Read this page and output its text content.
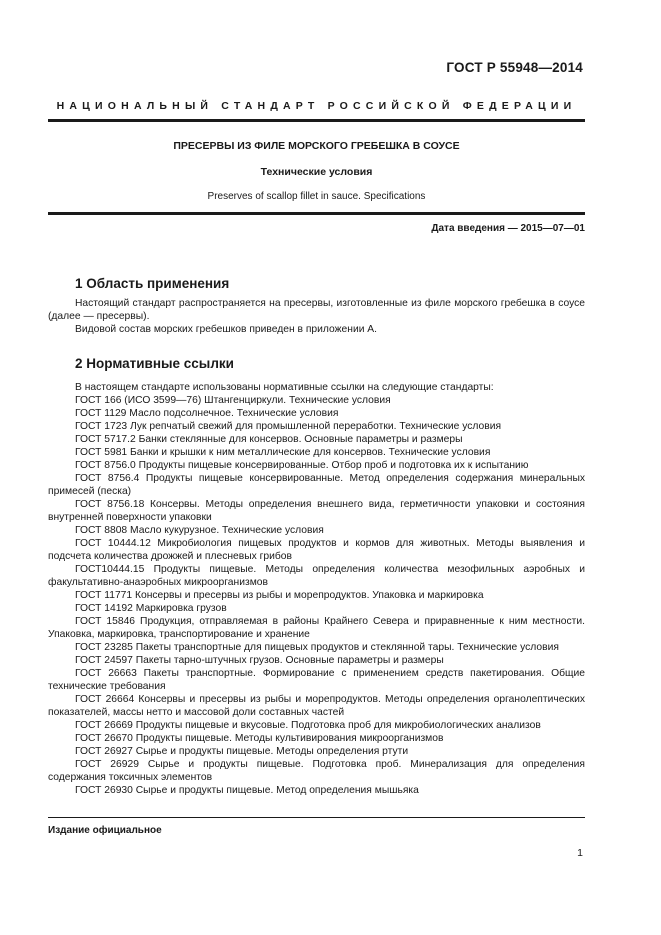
ГОСТ Р 55948—2014
НАЦИОНАЛЬНЫЙ СТАНДАРТ РОССИЙСКОЙ ФЕДЕРАЦИИ
ПРЕСЕРВЫ ИЗ ФИЛЕ МОРСКОГО ГРЕБЕШКА В СОУСЕ
Технические условия
Preserves of scallop fillet in sauce. Specifications
Дата введения — 2015—07—01
1 Область применения

Настоящий стандарт распространяется на пресервы, изготовленные из филе морского гребешка в соусе (далее — пресервы).

Видовой состав морских гребешков приведен в приложении А.

2 Нормативные ссылки

В настоящем стандарте использованы нормативные ссылки на следующие стандарты:

ГОСТ 166 (ИСО 3599—76) Штангенциркули. Технические условия

ГОСТ 1129 Масло подсолнечное. Технические условия

ГОСТ 1723 Лук репчатый свежий для промышленной переработки. Технические условия

ГОСТ 5717.2 Банки стеклянные для консервов. Основные параметры и размеры

ГОСТ 5981 Банки и крышки к ним металлические для консервов. Технические условия

ГОСТ 8756.0 Продукты пищевые консервированные. Отбор проб и подготовка их к испытанию

ГОСТ 8756.4 Продукты пищевые консервированные. Метод определения содержания минеральных примесей (песка)

ГОСТ 8756.18 Консервы. Методы определения внешнего вида, герметичности упаковки и состояния внутренней поверхности упаковки

ГОСТ 8808 Масло кукурузное. Технические условия

ГОСТ 10444.12 Микробиология пищевых продуктов и кормов для животных. Методы выявления и подсчета количества дрожжей и плесневых грибов

ГОСТ10444.15 Продукты пищевые. Методы определения количества мезофильных аэробных и факультативно-анаэробных микроорганизмов

ГОСТ 11771 Консервы и пресервы из рыбы и морепродуктов. Упаковка и маркировка

ГОСТ 14192 Маркировка грузов

ГОСТ 15846 Продукция, отправляемая в районы Крайнего Севера и приравненные к ним местности. Упаковка, маркировка, транспортирование и хранение

ГОСТ 23285 Пакеты транспортные для пищевых продуктов и стеклянной тары. Технические условия

ГОСТ 24597 Пакеты тарно-штучных грузов. Основные параметры и размеры

ГОСТ 26663 Пакеты транспортные. Формирование с применением средств пакетирования. Общие технические требования

ГОСТ 26664 Консервы и пресервы из рыбы и морепродуктов. Методы определения органолептических показателей, массы нетто и массовой доли составных частей

ГОСТ 26669 Продукты пищевые и вкусовые. Подготовка проб для микробиологических анализов

ГОСТ 26670 Продукты пищевые. Методы культивирования микроорганизмов

ГОСТ 26927 Сырье и продукты пищевые. Методы определения ртути

ГОСТ 26929 Сырье и продукты пищевые. Подготовка проб. Минерализация для определения содержания токсичных элементов

ГОСТ 26930 Сырье и продукты пищевые. Метод определения мышьяка

Издание официальное
1
